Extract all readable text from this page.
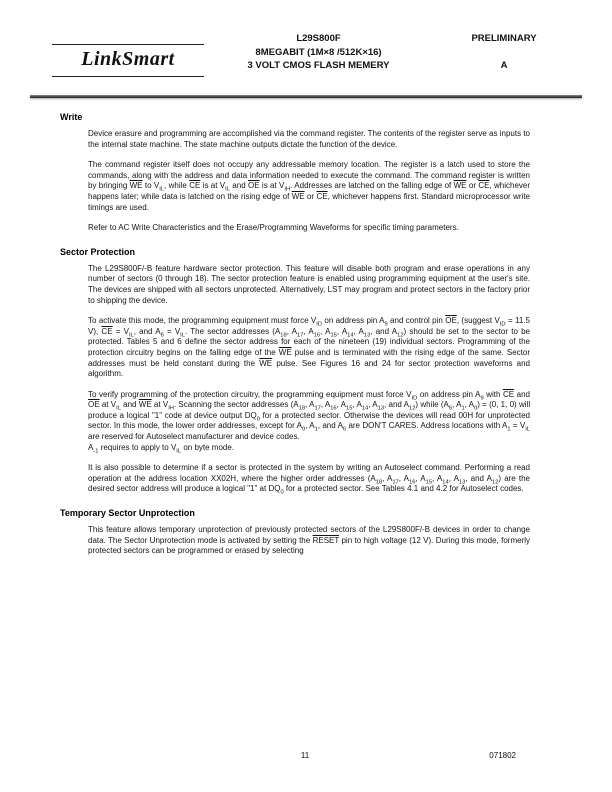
LinkSmart
L29S800F
8MEGABIT (1M×8 /512K×16)
3 VOLT CMOS FLASH MEMERY
PRELIMINARY
A
Write

Device erasure and programming are accomplished via the command register. The contents of the register serve as inputs to the internal state machine. The state machine outputs dictate the function of the device.

The command register itself does not occupy any addressable memory location. The register is a latch used to store the commands, along with the address and data information needed to execute the command. The command register is written by bringing $\overline{WE}$ to $V_{IL}$, while $\overline{CE}$ is at $V_{IL}$ and $\overline{OE}$ is at $V_{IH}$. Addresses are latched on the falling edge of $\overline{WE}$ or $\overline{CE}$, whichever happens later; while data is latched on the rising edge of $\overline{WE}$ or $\overline{CE}$, whichever happens first. Standard microprocessor write timings are used.

Refer to AC Write Characteristics and the Erase/Programming Waveforms for specific timing parameters.

Sector Protection

The L29S800F/-B feature hardware sector protection. This feature will disable both program and erase operations in any number of sectors (0 through 18). The sector protection feature is enabled using programming equipment at the user's site. The devices are shipped with all sectors unprotected. Alternatively, LST may program and protect sectors in the factory prior to shipping the device.

To activate this mode, the programming equipment must force $V_{ID}$ on address pin $A_9$ and control pin $\overline{OE}$, (suggest $V_{ID} = 11.5$ V), $\overline{CE} = V_{IL}$, and $A_6 = V_{IL}$. The sector addresses ($A_{18}$, $A_{17}$, $A_{16}$, $A_{15}$, $A_{14}$, $A_{13}$, and $A_{12}$) should be set to the sector to be protected. Tables 5 and 6 define the sector address for each of the nineteen (19) individual sectors. Programming of the protection circuitry begins on the falling edge of the $\overline{WE}$ pulse and is terminated with the rising edge of the same. Sector addresses must be held constant during the $\overline{WE}$ pulse. See Figures 16 and 24 for sector protection waveforms and algorithm.

To verify programming of the protection circuitry, the programming equipment must force $V_{ID}$ on address pin $A_9$ with $\overline{CE}$ and $\overline{OE}$ at $V_{IL}$ and $\overline{WE}$ at $V_{IH}$. Scanning the sector addresses ($A_{18}$, $A_{17}$, $A_{16}$, $A_{15}$, $A_{14}$, $A_{13}$, and $A_{12}$) while ($A_6$, $A_1$, $A_0) = (0$, 1, 0) will produce a logical "1" code at device output $DQ_0$ for a protected sector. Otherwise the devices will read 00H for unprotected sector. In this mode, the lower order addresses, except for $A_0$, $A_1$, and $A_6$ are DON'T CARES. Address locations with $A_1 = V_{IL}$ are reserved for Autoselect manufacturer and device codes.

$A_{-1}$ requires to apply to $V_{IL}$ on byte mode.

It is also possible to determine if a sector is protected in the system by writing an Autoselect command. Performing a read operation at the address location XX02H, where the higher order addresses ($A_{18}$, $A_{17}$, $A_{16}$, $A_{15}$, $A_{14}$, $A_{13}$, and $A_{12}$) are the desired sector address will produce a logical "1" at $DQ_0$ for a protected sector. See Tables 4.1 and 4.2 for Autoselect codes.

Temporary Sector Unprotection

This feature allows temporary unprotection of previously protected sectors of the L29S800F/-B devices in order to change data. The Sector Unprotection mode is activated by setting the RESET pin to high voltage (12 V). During this mode, formerly protected sectors can be programmed or erased by selecting

11	071802
